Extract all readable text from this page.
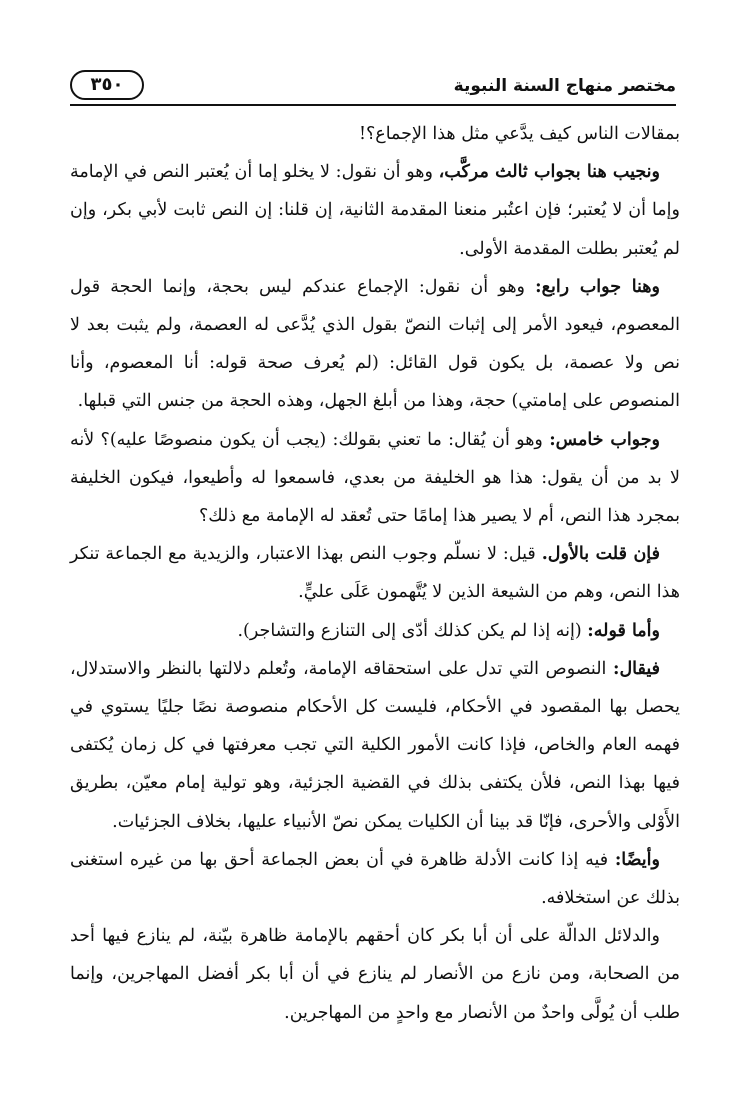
مختصر منهاج السنة النبوية
٣٥٠

بمقالات الناس كيف يدَّعي مثل هذا الإجماع؟!

ونجيب هنا بجواب ثالث مركَّب، وهو أن نقول: لا يخلو إما أن يُعتبر النص في الإمامة وإما أن لا يُعتبر؛ فإن اعتُبر منعنا المقدمة الثانية، إن قلنا: إن النص ثابت لأبي بكر، وإن لم يُعتبر بطلت المقدمة الأولى.

وهنا جواب رابع: وهو أن نقول: الإجماع عندكم ليس بحجة، وإنما الحجة قول المعصوم، فيعود الأمر إلى إثبات النصّ بقول الذي يُدَّعى له العصمة، ولم يثبت بعد لا نص ولا عصمة، بل يكون قول القائل: (لم يُعرف صحة قوله: أنا المعصوم، وأنا المنصوص على إمامتي) حجة، وهذا من أبلغ الجهل، وهذه الحجة من جنس التي قبلها.

وجواب خامس: وهو أن يُقال: ما تعني بقولك: (يجب أن يكون منصوصًا عليه)؟ لأنه لا بد من أن يقول: هذا هو الخليفة من بعدي، فاسمعوا له وأطيعوا، فيكون الخليفة بمجرد هذا النص، أم لا يصير هذا إمامًا حتى تُعقد له الإمامة مع ذلك؟

فإن قلت بالأول. قيل: لا نسلّم وجوب النص بهذا الاعتبار، والزيدية مع الجماعة تنكر هذا النص، وهم من الشيعة الذين لا يُتَّهمون عَلَى عليٍّ.

وأما قوله: (إنه إذا لم يكن كذلك أدّى إلى التنازع والتشاجر).

فيقال: النصوص التي تدل على استحقاقه الإمامة، وتُعلم دلالتها بالنظر والاستدلال، يحصل بها المقصود في الأحكام، فليست كل الأحكام منصوصة نصًا جليًا يستوي في فهمه العام والخاص، فإذا كانت الأمور الكلية التي تجب معرفتها في كل زمان يُكتفى فيها بهذا النص، فلأن يكتفى بذلك في القضية الجزئية، وهو تولية إمام معيّن، بطريق الأَوْلى والأحرى، فإنّا قد بينا أن الكليات يمكن نصّ الأنبياء عليها، بخلاف الجزئيات.

وأيضًا: فيه إذا كانت الأدلة ظاهرة في أن بعض الجماعة أحق بها من غيره استغنى بذلك عن استخلافه.

والدلائل الدالّة على أن أبا بكر كان أحقهم بالإمامة ظاهرة بيّنة، لم ينازع فيها أحد من الصحابة، ومن نازع من الأنصار لم ينازع في أن أبا بكر أفضل المهاجرين، وإنما طلب أن يُولَّى واحدٌ من الأنصار مع واحدٍ من المهاجرين.
